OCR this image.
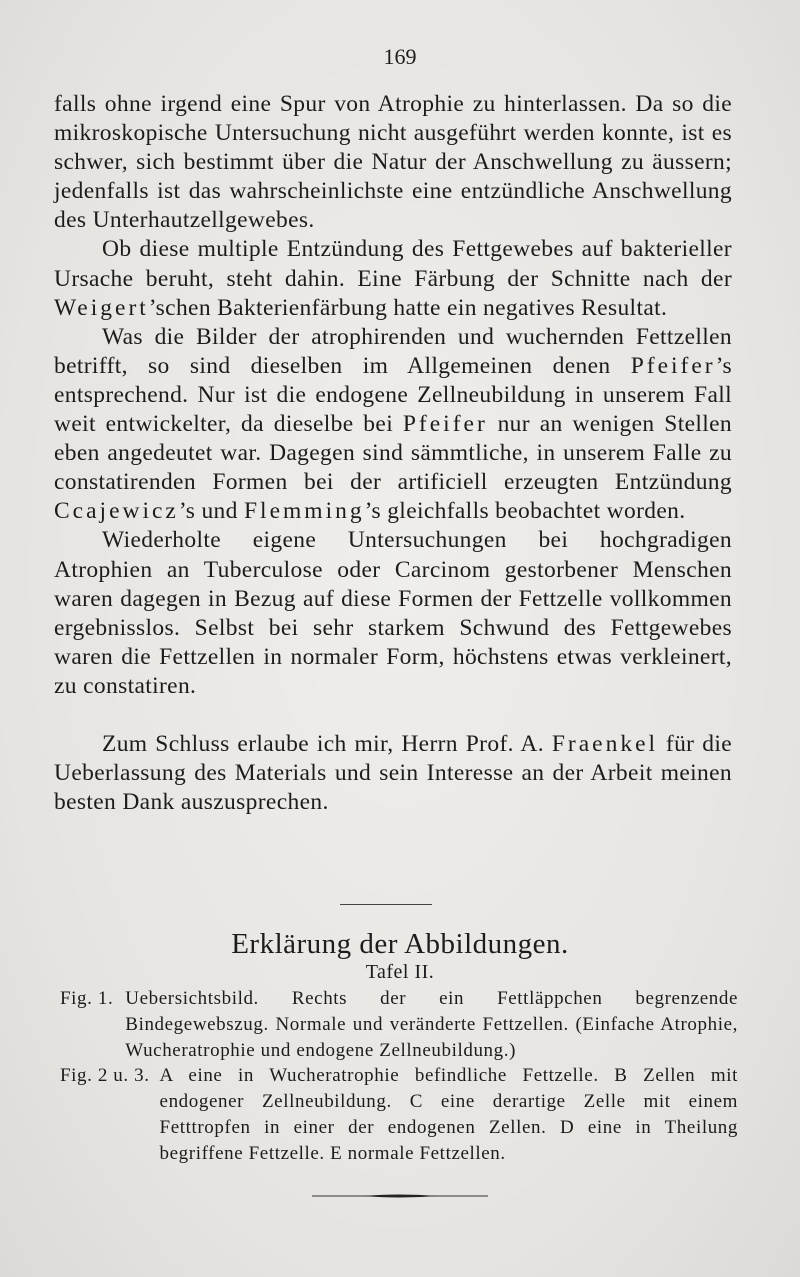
169

falls ohne irgend eine Spur von Atrophie zu hinterlassen. Da so die mikroskopische Untersuchung nicht ausgeführt werden konnte, ist es schwer, sich bestimmt über die Natur der Anschwellung zu äussern; jedenfalls ist das wahrscheinlichste eine entzündliche Anschwellung des Unterhautzellgewebes.

Ob diese multiple Entzündung des Fettgewebes auf bakterieller Ursache beruht, steht dahin. Eine Färbung der Schnitte nach der Weigert’schen Bakterienfärbung hatte ein negatives Resultat.

Was die Bilder der atrophirenden und wuchernden Fettzellen betrifft, so sind dieselben im Allgemeinen denen Pfeifer’s entsprechend. Nur ist die endogene Zellneubildung in unserem Fall weit entwickelter, da dieselbe bei Pfeifer nur an wenigen Stellen eben angedeutet war. Dagegen sind sämmtliche, in unserem Falle zu constatirenden Formen bei der artificiell erzeugten Entzündung Ccajewicz’s und Flemming’s gleichfalls beobachtet worden.

Wiederholte eigene Untersuchungen bei hochgradigen Atrophien an Tuberculose oder Carcinom gestorbener Menschen waren dagegen in Bezug auf diese Formen der Fettzelle vollkommen ergebnisslos. Selbst bei sehr starkem Schwund des Fettgewebes waren die Fettzellen in normaler Form, höchstens etwas verkleinert, zu constatiren.

Zum Schluss erlaube ich mir, Herrn Prof. A. Fraenkel für die Ueberlassung des Materials und sein Interesse an der Arbeit meinen besten Dank auszusprechen.

Erklärung der Abbildungen.
Tafel II.
Fig. 1. Uebersichtsbild. Rechts der ein Fettläppchen begrenzende Bindegewebszug. Normale und veränderte Fettzellen. (Einfache Atrophie, Wucheratrophie und endogene Zellneubildung.)
Fig. 2 u. 3. A eine in Wucheratrophie befindliche Fettzelle. B Zellen mit endogener Zellneubildung. C eine derartige Zelle mit einem Fetttropfen in einer der endogenen Zellen. D eine in Theilung begriffene Fettzelle. E normale Fettzellen.
